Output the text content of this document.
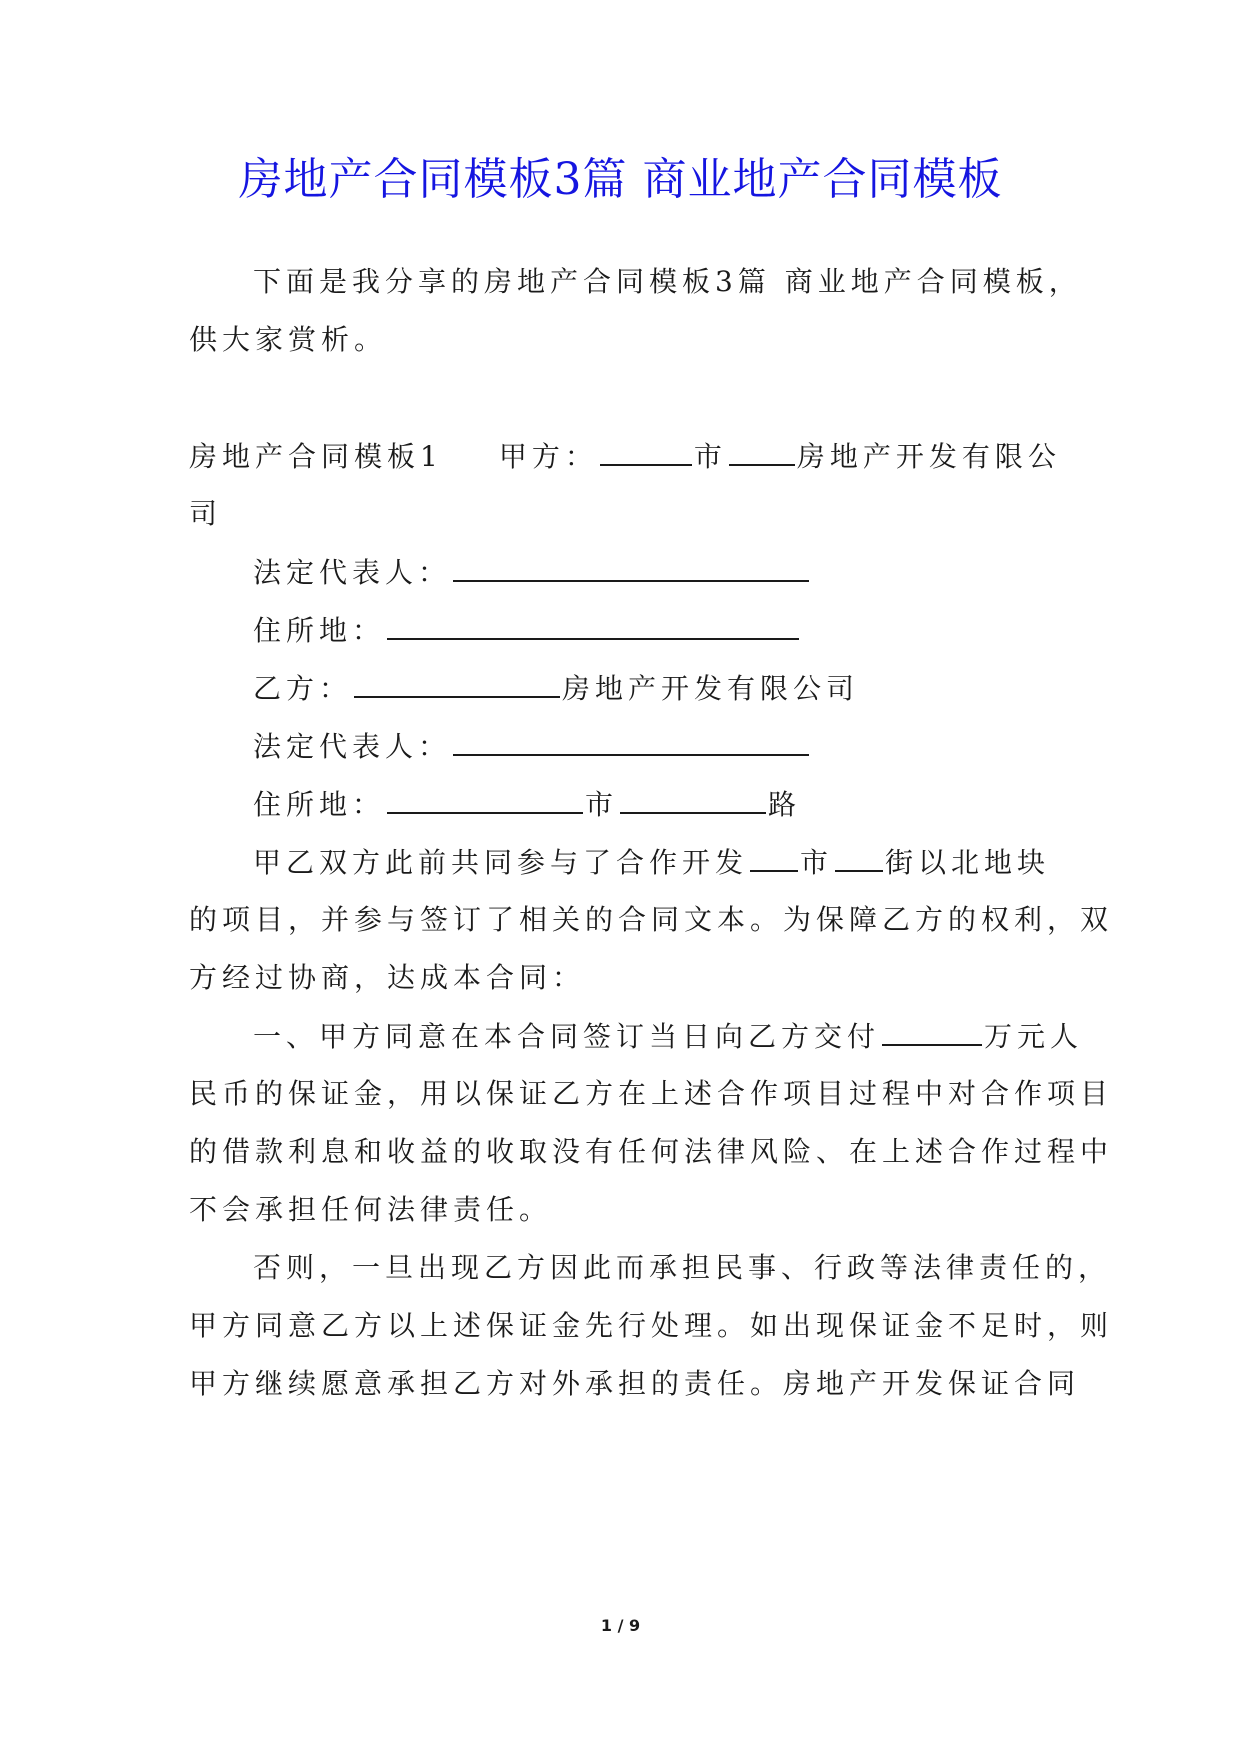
房地产合同模板3篇 商业地产合同模板
下面是我分享的房地产合同模板3篇 商业地产合同模板，
供大家赏析。
房地产合同模板1 甲方：	市	房地产开发有限公
司
法定代表人：
住所地：
乙方：	房地产开发有限公司
法定代表人：
住所地：	市	路
甲乙双方此前共同参与了合作开发 市 街以北地块
的项目，并参与签订了相关的合同文本。为保障乙方的权利，双
方经过协商，达成本合同：
一、甲方同意在本合同签订当日向乙方交付	万元人
民币的保证金，用以保证乙方在上述合作项目过程中对合作项目
的借款利息和收益的收取没有任何法律风险、在上述合作过程中
不会承担任何法律责任。
否则，一旦出现乙方因此而承担民事、行政等法律责任的，
甲方同意乙方以上述保证金先行处理。如出现保证金不足时，则
甲方继续愿意承担乙方对外承担的责任。房地产开发保证合同
1 / 9
